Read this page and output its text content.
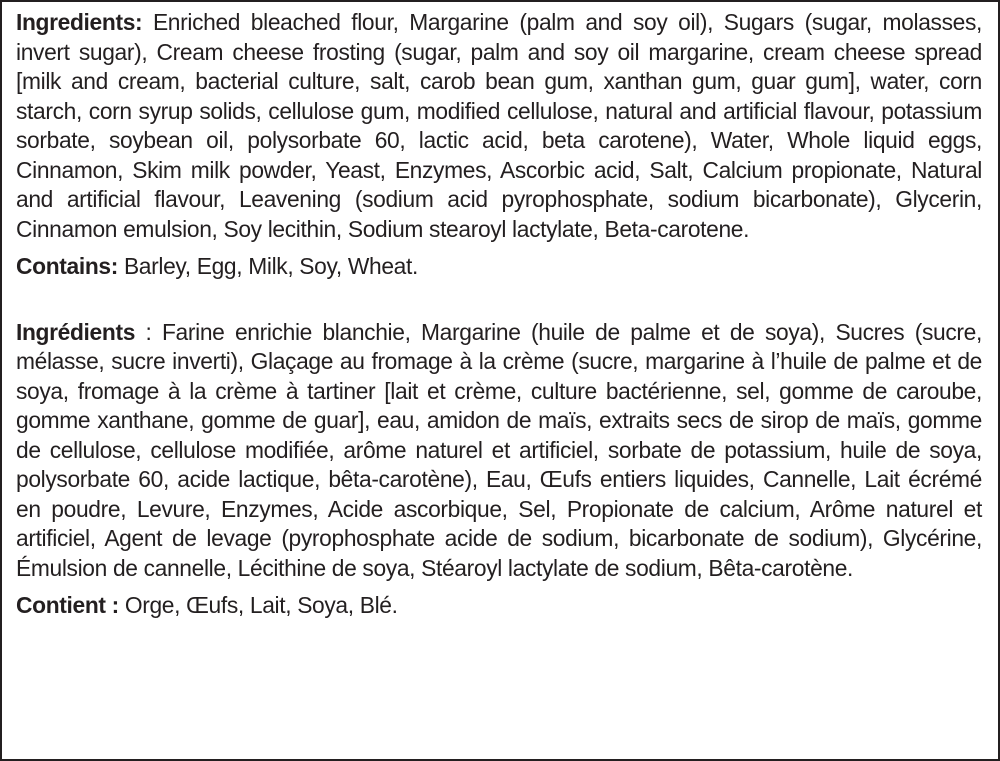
Ingredients: Enriched bleached flour, Margarine (palm and soy oil), Sugars (sugar, molasses, invert sugar), Cream cheese frosting (sugar, palm and soy oil margarine, cream cheese spread [milk and cream, bacterial culture, salt, carob bean gum, xanthan gum, guar gum], water, corn starch, corn syrup solids, cellulose gum, modified cellulose, natural and artificial flavour, potassium sorbate, soybean oil, polysorbate 60, lactic acid, beta carotene), Water, Whole liquid eggs, Cinnamon, Skim milk powder, Yeast, Enzymes, Ascorbic acid, Salt, Calcium propionate, Natural and artificial flavour, Leavening (sodium acid pyrophosphate, sodium bicarbonate), Glycerin, Cinnamon emulsion, Soy lecithin, Sodium stearoyl lactylate, Beta-carotene.

Contains: Barley, Egg, Milk, Soy, Wheat.

Ingrédients : Farine enrichie blanchie, Margarine (huile de palme et de soya), Sucres (sucre, mélasse, sucre inverti), Glaçage au fromage à la crème (sucre, margarine à l’huile de palme et de soya, fromage à la crème à tartiner [lait et crème, culture bactérienne, sel, gomme de caroube, gomme xanthane, gomme de guar], eau, amidon de maïs, extraits secs de sirop de maïs, gomme de cellulose, cellulose modifiée, arôme naturel et artificiel, sorbate de potassium, huile de soya, polysorbate 60, acide lactique, bêta-carotène), Eau, Œufs entiers liquides, Cannelle, Lait écrémé en poudre, Levure, Enzymes, Acide ascorbique, Sel, Propionate de calcium, Arôme naturel et artificiel, Agent de levage (pyrophosphate acide de sodium, bicarbonate de sodium), Glycérine, Émulsion de cannelle, Lécithine de soya, Stéaroyl lactylate de sodium, Bêta-carotène.

Contient : Orge, Œufs, Lait, Soya, Blé.
